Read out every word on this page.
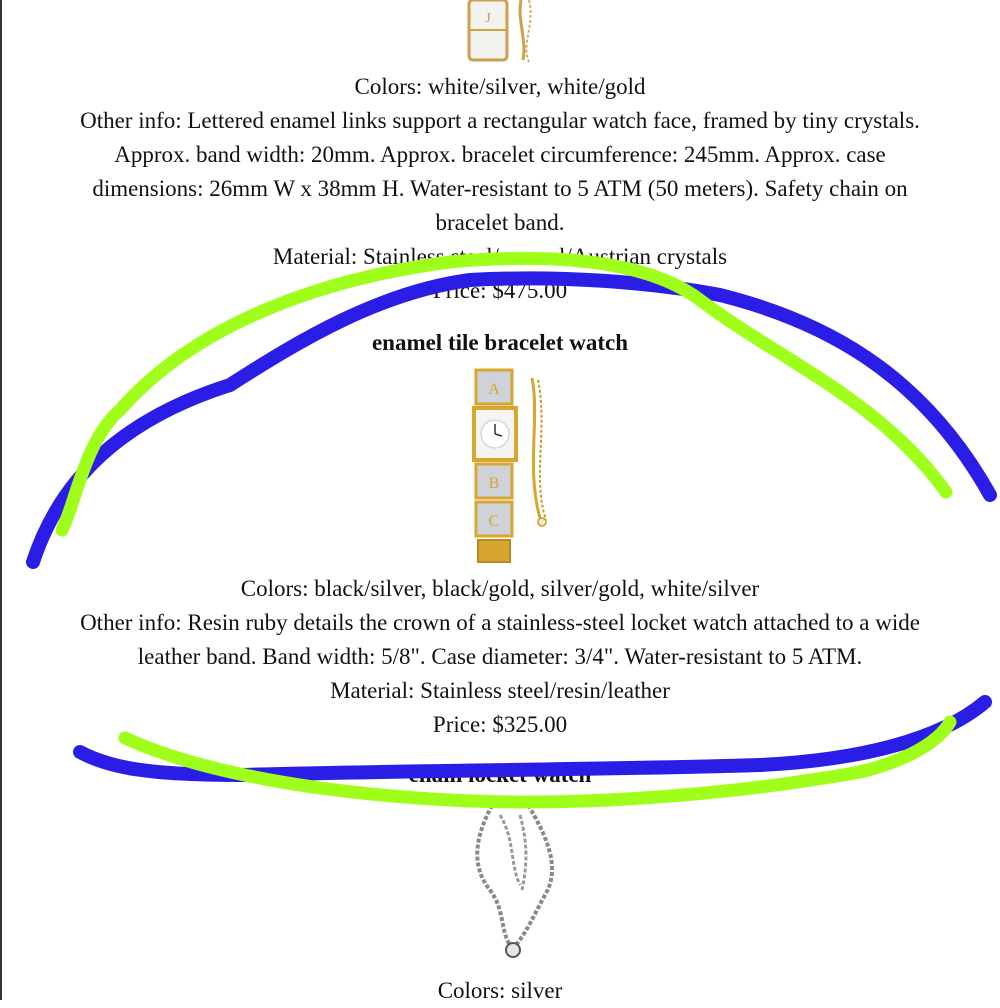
J
Colors: white/silver, white/gold
Other info: Lettered enamel links support a rectangular watch face, framed by tiny crystals.
Approx. band width: 20mm. Approx. bracelet circumference: 245mm. Approx. case
dimensions: 26mm W x 38mm H. Water-resistant to 5 ATM (50 meters). Safety chain on
bracelet band.
Material: Stainless steel/enamel/Austrian crystals
Price: $475.00
enamel tile bracelet watch
A
B
C
Colors: black/silver, black/gold, silver/gold, white/silver
Other info: Resin ruby details the crown of a stainless-steel locket watch attached to a wide
leather band. Band width: 5/8". Case diameter: 3/4". Water-resistant to 5 ATM.
Material: Stainless steel/resin/leather
Price: $325.00
chain locket watch
Colors: silver
